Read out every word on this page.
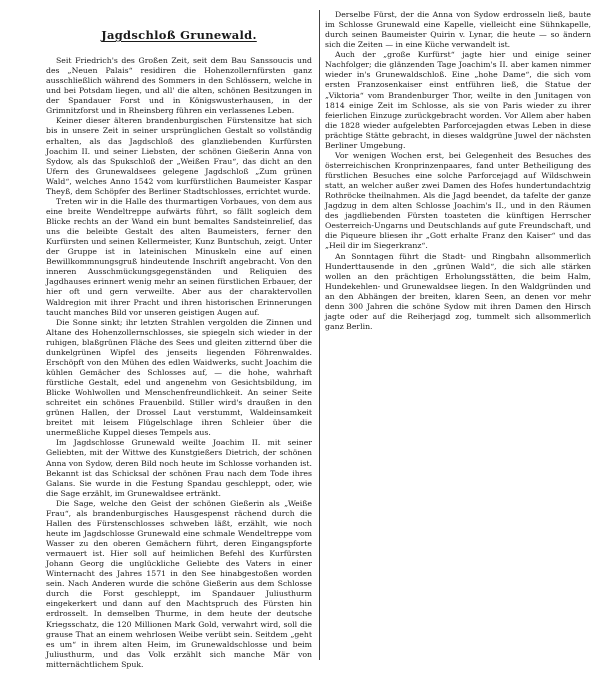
Jagdschloß Grunewald.

Seit Friedrich's des Großen Zeit, seit dem Bau Sanssoucis und des „Neuen Palais“ residiren die Hohenzollernfürsten ganz ausschließlich während des Sommers in den Schlössern, welche in und bei Potsdam liegen, und all' die alten, schönen Besitzungen in der Spandauer Forst und in Königswusterhausen, in der Grimnitzforst und in Rheinsberg führen ein verlassenes Leben.

Keiner dieser älteren brandenburgischen Fürstensitze hat sich bis in unsere Zeit in seiner ursprünglichen Gestalt so vollständig erhalten, als das Jagdschloß des glanzliebenden Kurfürsten Joachim II. und seiner Liebsten, der schönen Gießerin Anna von Sydow, als das Spukschloß der „Weißen Frau“, das dicht an den Ufern des Grunewaldsees gelegene Jagdschloß „Zum grünen Wald“, welches Anno 1542 vom kurfürstlichen Baumeister Kaspar Theyß, dem Schöpfer des Berliner Stadtschlosses, errichtet wurde.

Treten wir in die Halle des thurmartigen Vorbaues, von dem aus eine breite Wendeltreppe aufwärts führt, so fällt sogleich dem Blicke rechts an der Wand ein bunt bemaltes Sandsteinrelief, das uns die beleibte Gestalt des alten Baumeisters, ferner den Kurfürsten und seinen Kellermeister, Kunz Buntschuh, zeigt. Unter der Gruppe ist in lateinischen Minuskeln eine auf einen Bewillkommnungsgruß hindeutende Inschrift angebracht. Von den inneren Ausschmückungsgegenständen und Reliquien des Jagdhauses erinnert wenig mehr an seinen fürstlichen Erbauer, der hier oft und gern verweilte. Aber aus der charaktervollen Waldregion mit ihrer Pracht und ihren historischen Erinnerungen taucht manches Bild vor unseren geistigen Augen auf.

Die Sonne sinkt; ihr letzten Strahlen vergolden die Zinnen und Altane des Hohenzollernschlosses, sie spiegeln sich wieder in der ruhigen, blaßgrünen Fläche des Sees und gleiten zitternd über die dunkelgrünen Wipfel des jenseits liegenden Föhrenwaldes. Erschöpft von den Mühen des edlen Waidwerks, sucht Joachim die kühlen Gemächer des Schlosses auf, — die hohe, wahrhaft fürstliche Gestalt, edel und angenehm von Gesichtsbildung, im Blicke Wohlwollen und Menschenfreundlichkeit. An seiner Seite schreitet ein schönes Frauenbild. Stiller wird's draußen in den grünen Hallen, der Drossel Laut verstummt, Waldeinsamkeit breitet mit leisem Flügelschlage ihren Schleier über die unermeßliche Kuppel dieses Tempels aus.

Im Jagdschlosse Grunewald weilte Joachim II. mit seiner Geliebten, mit der Wittwe des Kunstgießers Dietrich, der schönen Anna von Sydow, deren Bild noch heute im Schlosse vorhanden ist. Bekannt ist das Schicksal der schönen Frau nach dem Tode ihres Galans. Sie wurde in die Festung Spandau geschleppt, oder, wie die Sage erzählt, im Grunewaldsee ertränkt.

Die Sage, welche den Geist der schönen Gießerin als „Weiße Frau“, als brandenburgisches Hausgespenst rächend durch die Hallen des Fürstenschlosses schweben läßt, erzählt, wie noch heute im Jagdschlosse Grunewald eine schmale Wendeltreppe vom Wasser zu den oberen Gemächern führt, deren Eingangspforte vermauert ist. Hier soll auf heimlichen Befehl des Kurfürsten Johann Georg die unglückliche Geliebte des Vaters in einer Winternacht des Jahres 1571 in den See hinabgestoßen worden sein. Nach Anderen wurde die schöne Gießerin aus dem Schlosse durch die Forst geschleppt, im Spandauer Juliusthurm eingekerkert und dann auf den Machtspruch des Fürsten hin erdrosselt. In demselben Thurme, in dem heute der deutsche Kriegsschatz, die 120 Millionen Mark Gold, verwahrt wird, soll die grause That an einem wehrlosen Weibe verübt sein. Seitdem „geht es um“ in ihrem alten Heim, im Grunewaldschlosse und beim Juliusthurm, und das Volk erzählt sich manche Mär von mitternächtlichem Spuk.

Derselbe Fürst, der die Anna von Sydow erdrosseln ließ, baute im Schlosse Grunewald eine Kapelle, vielleicht eine Sühnkapelle, durch seinen Baumeister Quirin v. Lynar, die heute — so ändern sich die Zeiten — in eine Küche verwandelt ist.

Auch der „große Kurfürst“ jagte hier und einige seiner Nachfolger; die glänzenden Tage Joachim's II. aber kamen nimmer wieder in's Grunewaldschloß. Eine „hohe Dame“, die sich vom ersten Franzosenkaiser einst entführen ließ, die Statue der „Viktoria“ vom Brandenburger Thor, weilte in den Junitagen von 1814 einige Zeit im Schlosse, als sie von Paris wieder zu ihrer feierlichen Einzuge zurückgebracht worden. Vor Allem aber haben die 1828 wieder aufgelebten Parforcejagden etwas Leben in diese prächtige Stätte gebracht, in dieses waldgrüne Juwel der nächsten Berliner Umgebung.

Vor wenigen Wochen erst, bei Gelegenheit des Besuches des österreichischen Kronprinzenpaares, fand unter Betheiligung des fürstlichen Besuches eine solche Parforcejagd auf Wildschwein statt, an welcher außer zwei Damen des Hofes hundertundachtzig Rothröcke theilnahmen. Als die Jagd beendet, da tafelte der ganze Jagdzug in dem alten Schlosse Joachim's II., und in den Räumen des jagdliebenden Fürsten toasteten die künftigen Herrscher Oesterreich-Ungarns und Deutschlands auf gute Freundschaft, und die Piqueure bliesen ihr „Gott erhalte Franz den Kaiser“ und das „Heil dir im Siegerkranz“.

An Sonntagen führt die Stadt- und Ringbahn allsommerlich Hunderttausende in den „grünen Wald“, die sich alle stärken wollen an den prächtigen Erholungsstätten, die beim Halm, Hundekehlen- und Grunewaldsee liegen. In den Waldgründen und an den Abhängen der breiten, klaren Seen, an denen vor mehr denn 300 Jahren die schöne Sydow mit ihren Damen den Hirsch jagte oder auf die Reiherjagd zog, tummelt sich allsommerlich ganz Berlin.
